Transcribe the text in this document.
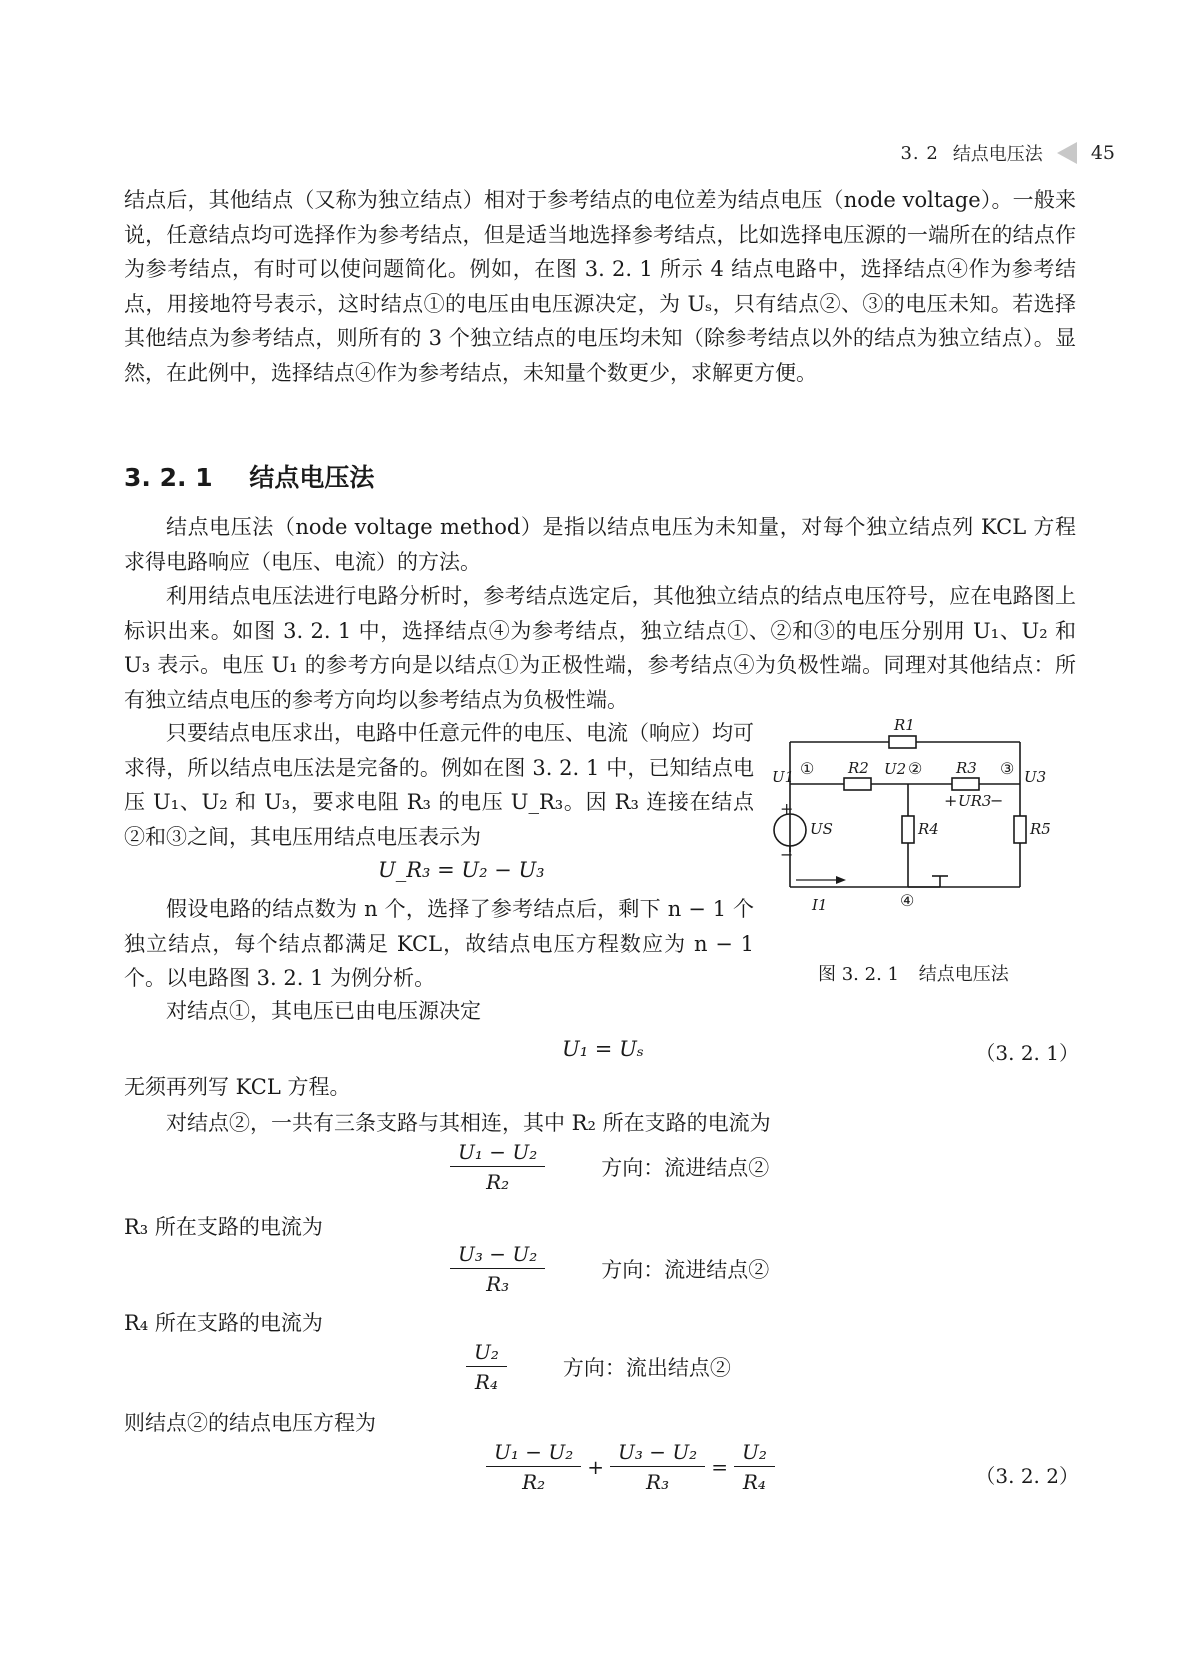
3. 2 结点电压法	45

结点后，其他结点（又称为独立结点）相对于参考结点的电位差为结点电压（node voltage）。一般来说，任意结点均可选择作为参考结点，但是适当地选择参考结点，比如选择电压源的一端所在的结点作为参考结点，有时可以使问题简化。例如，在图 3. 2. 1 所示 4 结点电路中，选择结点④作为参考结点，用接地符号表示，这时结点①的电压由电压源决定，为 Uₛ，只有结点②、③的电压未知。若选择其他结点为参考结点，则所有的 3 个独立结点的电压均未知（除参考结点以外的结点为独立结点）。显然，在此例中，选择结点④作为参考结点，未知量个数更少，求解更方便。

3. 2. 1 结点电压法

结点电压法（node voltage method）是指以结点电压为未知量，对每个独立结点列 KCL 方程求得电路响应（电压、电流）的方法。

利用结点电压法进行电路分析时，参考结点选定后，其他独立结点的结点电压符号，应在电路图上标识出来。如图 3. 2. 1 中，选择结点④为参考结点，独立结点①、②和③的电压分别用 U₁、U₂ 和 U₃ 表示。电压 U₁ 的参考方向是以结点①为正极性端，参考结点④为负极性端。同理对其他结点：所有独立结点电压的参考方向均以参考结点为负极性端。

只要结点电压求出，电路中任意元件的电压、电流（响应）均可求得，所以结点电压法是完备的。例如在图 3. 2. 1 中，已知结点电压 U₁、U₂ 和 U₃，要求电阻 R₃ 的电压 U_R₃。因 R₃ 连接在结点②和③之间，其电压用结点电压表示为

U_R₃ = U₂ − U₃

假设电路的结点数为 n 个，选择了参考结点后，剩下 n − 1 个独立结点，每个结点都满足 KCL，故结点电压方程数应为 n − 1 个。以电路图 3. 2. 1 为例分析。

R1
R2	R3
R4	R5
U1	U2	U3
US
I1
UR3
①	②	③
④
+
−
+ −
图 3. 2. 1 结点电压法

对结点①，其电压已由电压源决定

U₁ = Uₛ	（3. 2. 1）

无须再列写 KCL 方程。

对结点②，一共有三条支路与其相连，其中 R₂ 所在支路的电流为

$\frac{\text{U₁ − U₂}}{\text{R₂}}$	方向：流进结点②

R₃ 所在支路的电流为

$\frac{\text{U₃ − U₂}}{\text{R₃}}$	方向：流进结点②

R₄ 所在支路的电流为

$\frac{\text{U₂}}{\text{R₄}}$	方向：流出结点②

则结点②的结点电压方程为

$\frac{\text{U₁ − U₂}}{\text{R₂}} + \frac{\text{U₃ − U₂}}{\text{R₃}} = \frac{\text{U₂}}{\text{R₄}}$	（3. 2. 2）
